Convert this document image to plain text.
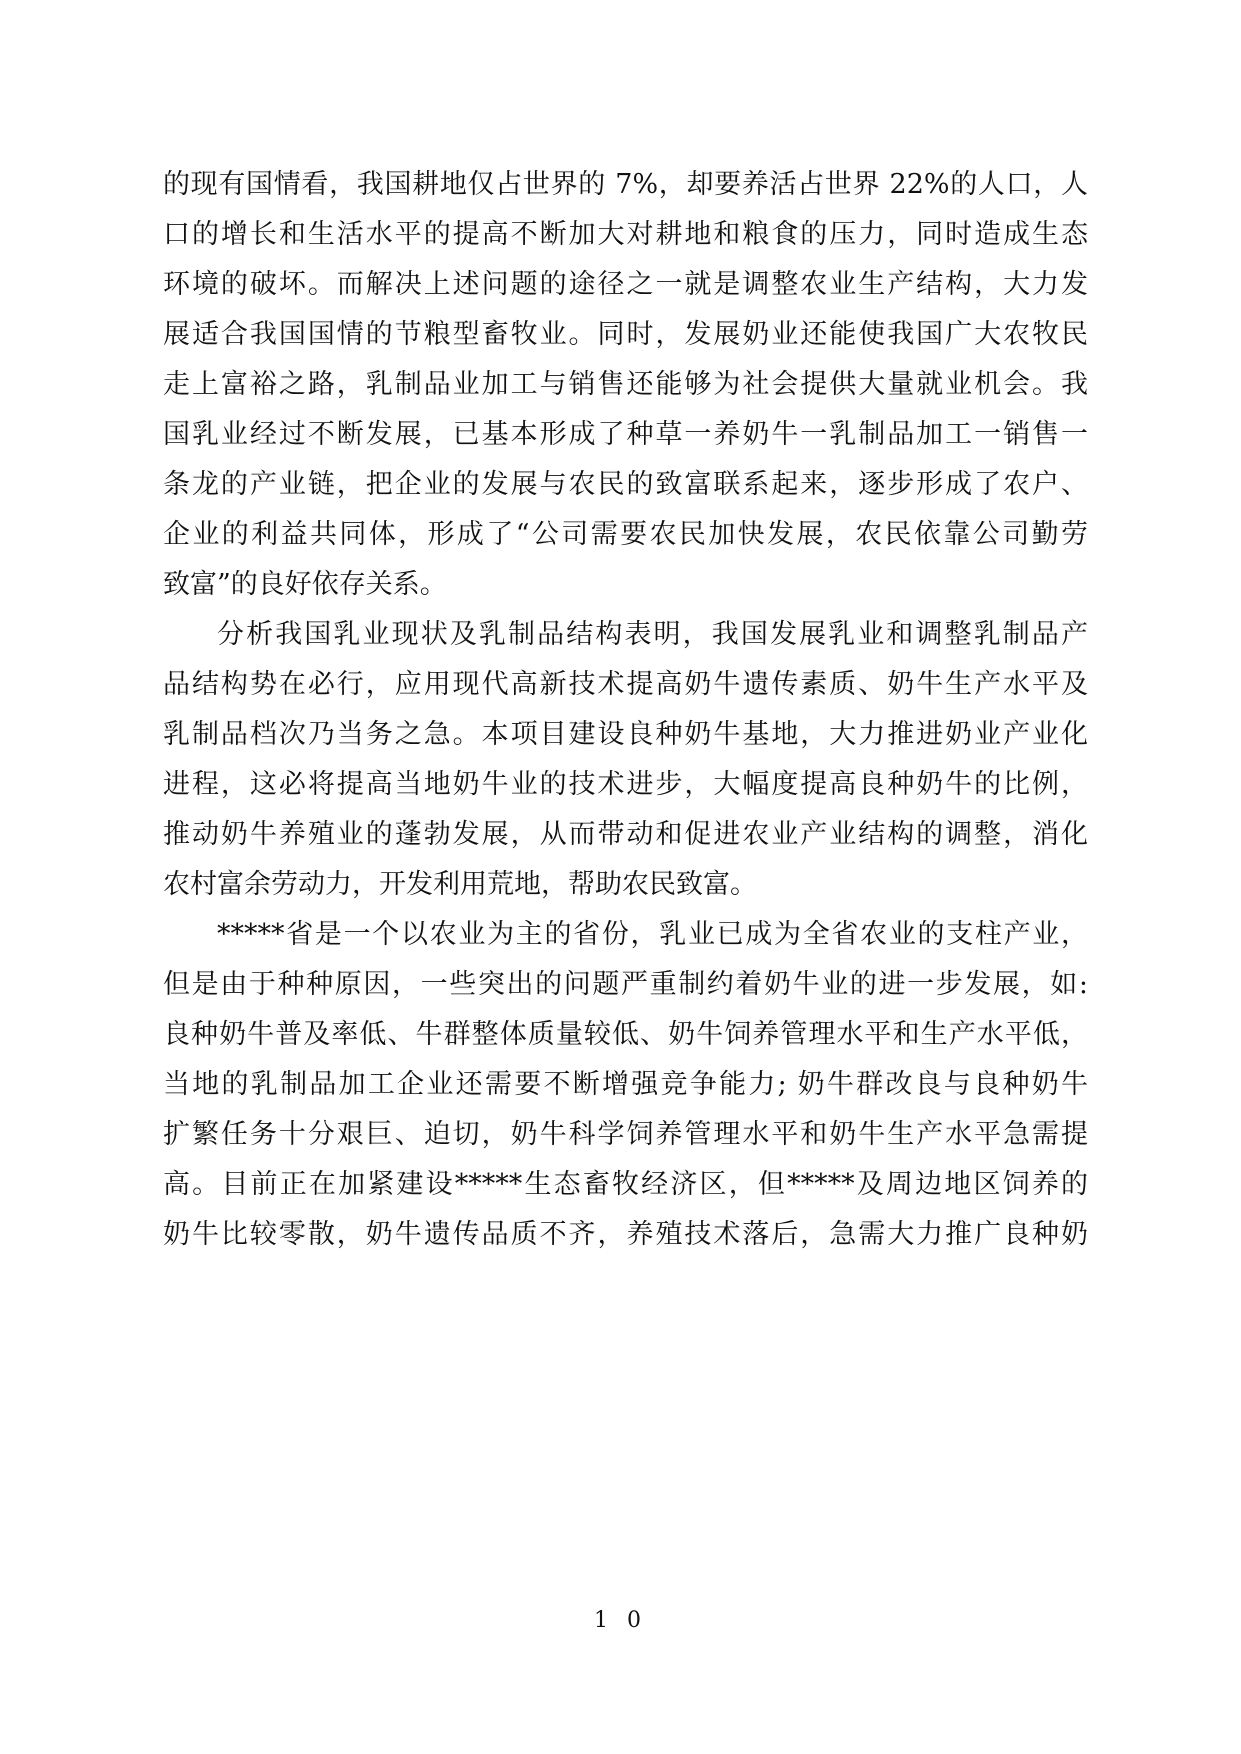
的现有国情看，我国耕地仅占世界的 7%，却要养活占世界 22%的人口，人
口的增长和生活水平的提高不断加大对耕地和粮食的压力，同时造成生态
环境的破坏。而解决上述问题的途径之一就是调整农业生产结构，大力发
展适合我国国情的节粮型畜牧业。同时，发展奶业还能使我国广大农牧民
走上富裕之路，乳制品业加工与销售还能够为社会提供大量就业机会。我
国乳业经过不断发展，已基本形成了种草一养奶牛一乳制品加工一销售一
条龙的产业链，把企业的发展与农民的致富联系起来，逐步形成了农户、
企业的利益共同体，形成了“公司需要农民加快发展，农民依靠公司勤劳
致富”的良好依存关系。
分析我国乳业现状及乳制品结构表明，我国发展乳业和调整乳制品产
品结构势在必行，应用现代高新技术提高奶牛遗传素质、奶牛生产水平及
乳制品档次乃当务之急。本项目建设良种奶牛基地，大力推进奶业产业化
进程，这必将提高当地奶牛业的技术进步，大幅度提高良种奶牛的比例，
推动奶牛养殖业的蓬勃发展，从而带动和促进农业产业结构的调整，消化
农村富余劳动力，开发利用荒地，帮助农民致富。
*****省是一个以农业为主的省份，乳业已成为全省农业的支柱产业，
但是由于种种原因，一些突出的问题严重制约着奶牛业的进一步发展，如:
良种奶牛普及率低、牛群整体质量较低、奶牛饲养管理水平和生产水平低，
当地的乳制品加工企业还需要不断增强竞争能力; 奶牛群改良与良种奶牛
扩繁任务十分艰巨、迫切，奶牛科学饲养管理水平和奶牛生产水平急需提
高。目前正在加紧建设*****生态畜牧经济区，但*****及周边地区饲养的
奶牛比较零散，奶牛遗传品质不齐，养殖技术落后，急需大力推广良种奶
1 0
